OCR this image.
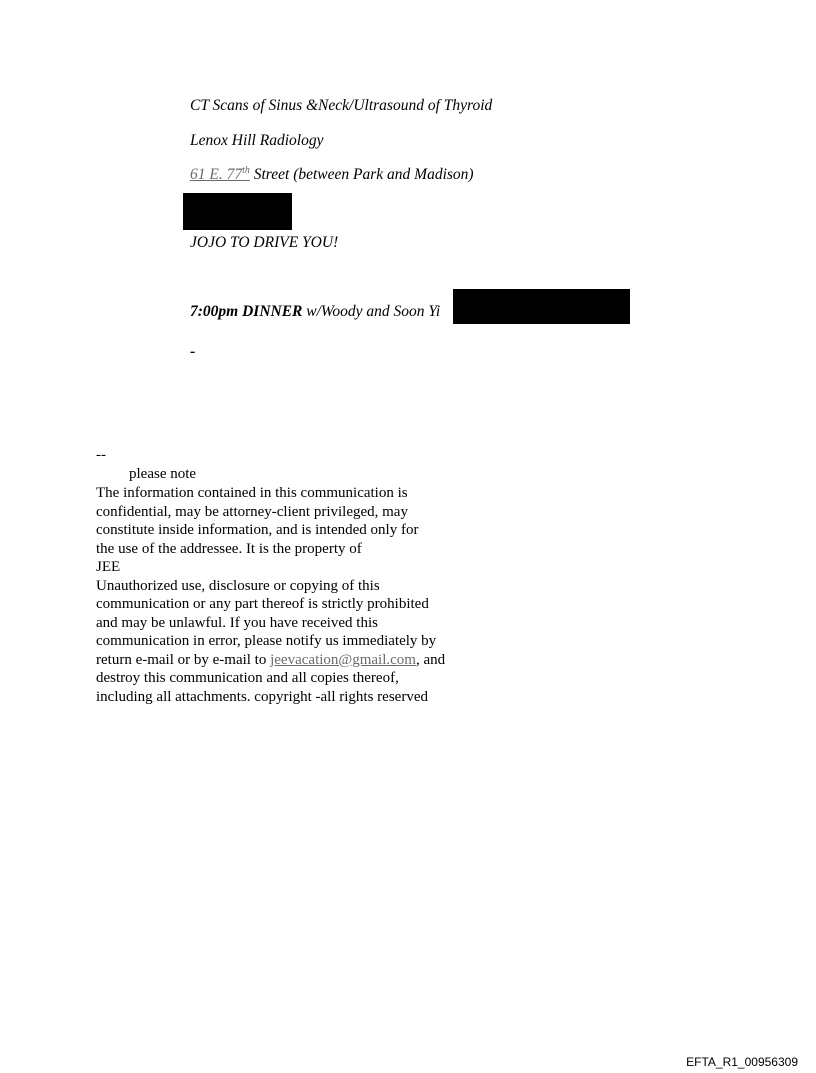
CT Scans of Sinus &Neck/Ultrasound of Thyroid
Lenox Hill Radiology
61 E. 77th Street (between Park and Madison)
JOJO TO DRIVE YOU!
7:00pm DINNER w/Woody and Soon Yi
-
--
please note
The information contained in this communication is
confidential, may be attorney-client privileged, may
constitute inside information, and is intended only for
the use of the addressee. It is the property of
JEE
Unauthorized use, disclosure or copying of this
communication or any part thereof is strictly prohibited
and may be unlawful. If you have received this
communication in error, please notify us immediately by
return e-mail or by e-mail to jeevacation@gmail.com, and
destroy this communication and all copies thereof,
including all attachments. copyright -all rights reserved
EFTA_R1_00956309
